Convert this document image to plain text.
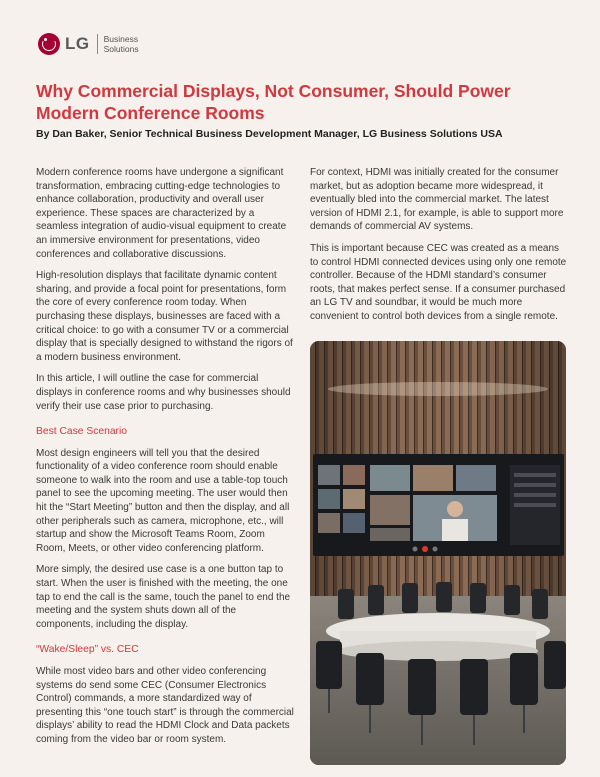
LG Business
Solutions
Why Commercial Displays, Not Consumer, Should Power Modern Conference Rooms

By Dan Baker, Senior Technical Business Development Manager, LG Business Solutions USA

Modern conference rooms have undergone a significant transformation, embracing cutting-edge technologies to enhance collaboration, productivity and overall user experience. These spaces are characterized by a seamless integration of audio-visual equipment to create an immersive environment for presentations, video conferences and collaborative discussions.

High-resolution displays that facilitate dynamic content sharing, and provide a focal point for presentations, form the core of every conference room today. When purchasing these displays, businesses are faced with a critical choice: to go with a consumer TV or a commercial display that is specially designed to withstand the rigors of a modern business environment.

In this article, I will outline the case for commercial displays in conference rooms and why businesses should verify their use case prior to purchasing.

Best Case Scenario

Most design engineers will tell you that the desired functionality of a video conference room should enable someone to walk into the room and use a table-top touch panel to see the upcoming meeting. The user would then hit the “Start Meeting” button and then the display, and all other peripherals such as camera, microphone, etc., will startup and show the Microsoft Teams Room, Zoom Room, Meets, or other video conferencing platform.

More simply, the desired use case is a one button tap to start. When the user is finished with the meeting, the one tap to end the call is the same, touch the panel to end the meeting and the system shuts down all of the components, including the display.

“Wake/Sleep” vs. CEC

While most video bars and other video conferencing systems do send some CEC (Consumer Electronics Control) commands, a more standardized way of presenting this “one touch start” is through the commercial displays’ ability to read the HDMI Clock and Data packets coming from the video bar or room system.

For context, HDMI was initially created for the consumer market, but as adoption became more widespread, it eventually bled into the commercial market. The latest version of HDMI 2.1, for example, is able to support more demands of commercial AV systems.

This is important because CEC was created as a means to control HDMI connected devices using only one remote controller. Because of the HDMI standard’s consumer roots, that makes perfect sense. If a consumer purchased an LG TV and soundbar, it would be much more convenient to control both devices from a single remote.
